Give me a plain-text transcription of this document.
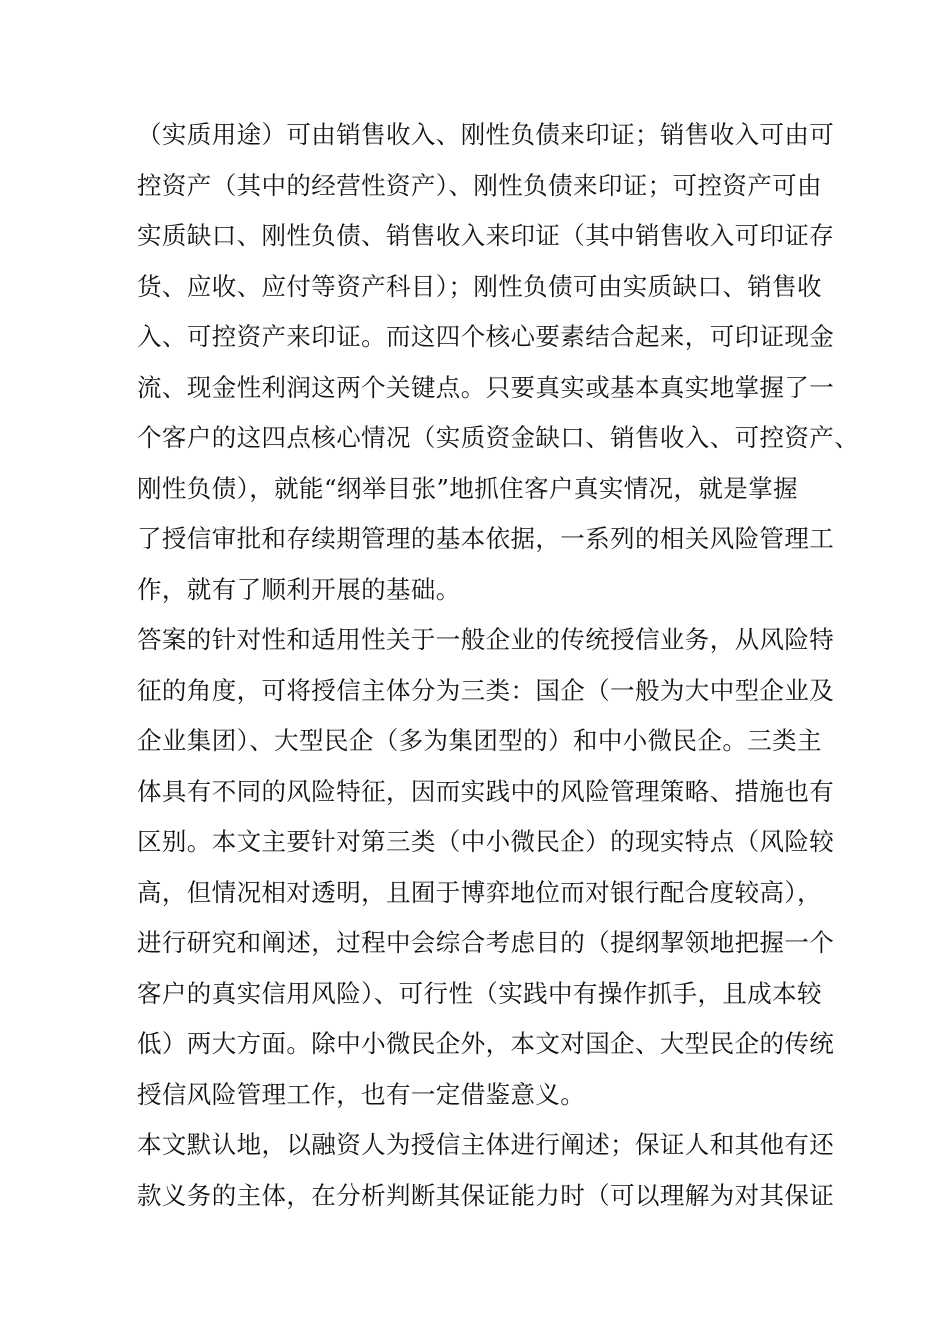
（实质用途）可由销售收入、刚性负债来印证；销售收入可由可
控资产（其中的经营性资产）、刚性负债来印证；可控资产可由
实质缺口、刚性负债、销售收入来印证（其中销售收入可印证存
货、应收、应付等资产科目）；刚性负债可由实质缺口、销售收
入、可控资产来印证。而这四个核心要素结合起来，可印证现金
流、现金性利润这两个关键点。只要真实或基本真实地掌握了一
个客户的这四点核心情况（实质资金缺口、销售收入、可控资产、
刚性负债），就能“纲举目张”地抓住客户真实情况，就是掌握
了授信审批和存续期管理的基本依据，一系列的相关风险管理工
作，就有了顺利开展的基础。
答案的针对性和适用性关于一般企业的传统授信业务，从风险特
征的角度，可将授信主体分为三类：国企（一般为大中型企业及
企业集团）、大型民企（多为集团型的）和中小微民企。三类主
体具有不同的风险特征，因而实践中的风险管理策略、措施也有
区别。本文主要针对第三类（中小微民企）的现实特点（风险较
高，但情况相对透明，且囿于博弈地位而对银行配合度较高），
进行研究和阐述，过程中会综合考虑目的（提纲挈领地把握一个
客户的真实信用风险）、可行性（实践中有操作抓手，且成本较
低）两大方面。除中小微民企外，本文对国企、大型民企的传统
授信风险管理工作，也有一定借鉴意义。
本文默认地，以融资人为授信主体进行阐述；保证人和其他有还
款义务的主体，在分析判断其保证能力时（可以理解为对其保证
